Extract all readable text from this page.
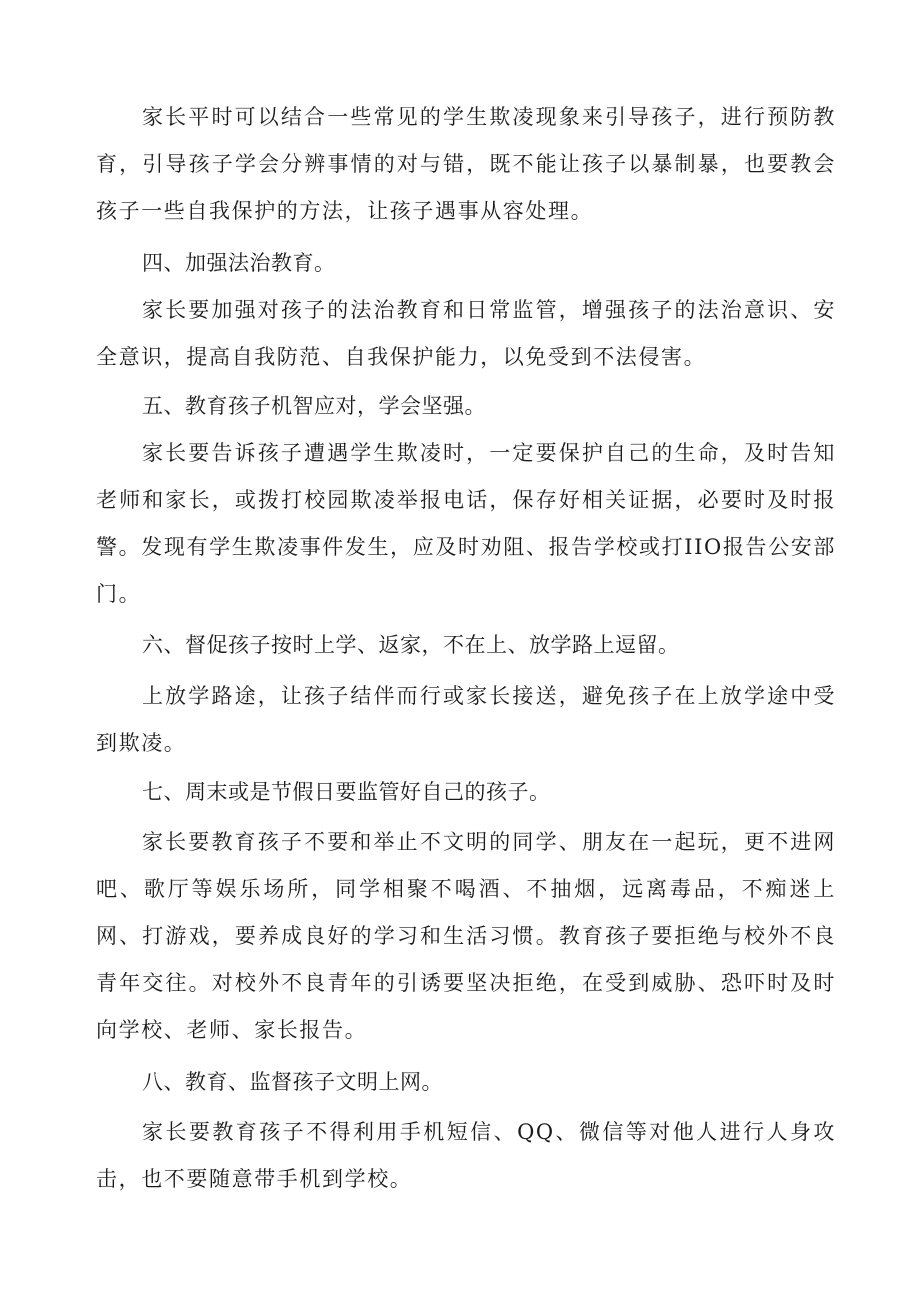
家长平时可以结合一些常见的学生欺凌现象来引导孩子，进行预防教育，引导孩子学会分辨事情的对与错，既不能让孩子以暴制暴，也要教会孩子一些自我保护的方法，让孩子遇事从容处理。

四、加强法治教育。

家长要加强对孩子的法治教育和日常监管，增强孩子的法治意识、安全意识，提高自我防范、自我保护能力，以免受到不法侵害。

五、教育孩子机智应对，学会坚强。

家长要告诉孩子遭遇学生欺凌时，一定要保护自己的生命，及时告知老师和家长，或拨打校园欺凌举报电话，保存好相关证据，必要时及时报警。发现有学生欺凌事件发生，应及时劝阻、报告学校或打IIO报告公安部门。

六、督促孩子按时上学、返家，不在上、放学路上逗留。

上放学路途，让孩子结伴而行或家长接送，避免孩子在上放学途中受到欺凌。

七、周末或是节假日要监管好自己的孩子。

家长要教育孩子不要和举止不文明的同学、朋友在一起玩，更不进网吧、歌厅等娱乐场所，同学相聚不喝酒、不抽烟，远离毒品，不痴迷上网、打游戏，要养成良好的学习和生活习惯。教育孩子要拒绝与校外不良青年交往。对校外不良青年的引诱要坚决拒绝，在受到威胁、恐吓时及时向学校、老师、家长报告。

八、教育、监督孩子文明上网。

家长要教育孩子不得利用手机短信、QQ、微信等对他人进行人身攻击，也不要随意带手机到学校。
